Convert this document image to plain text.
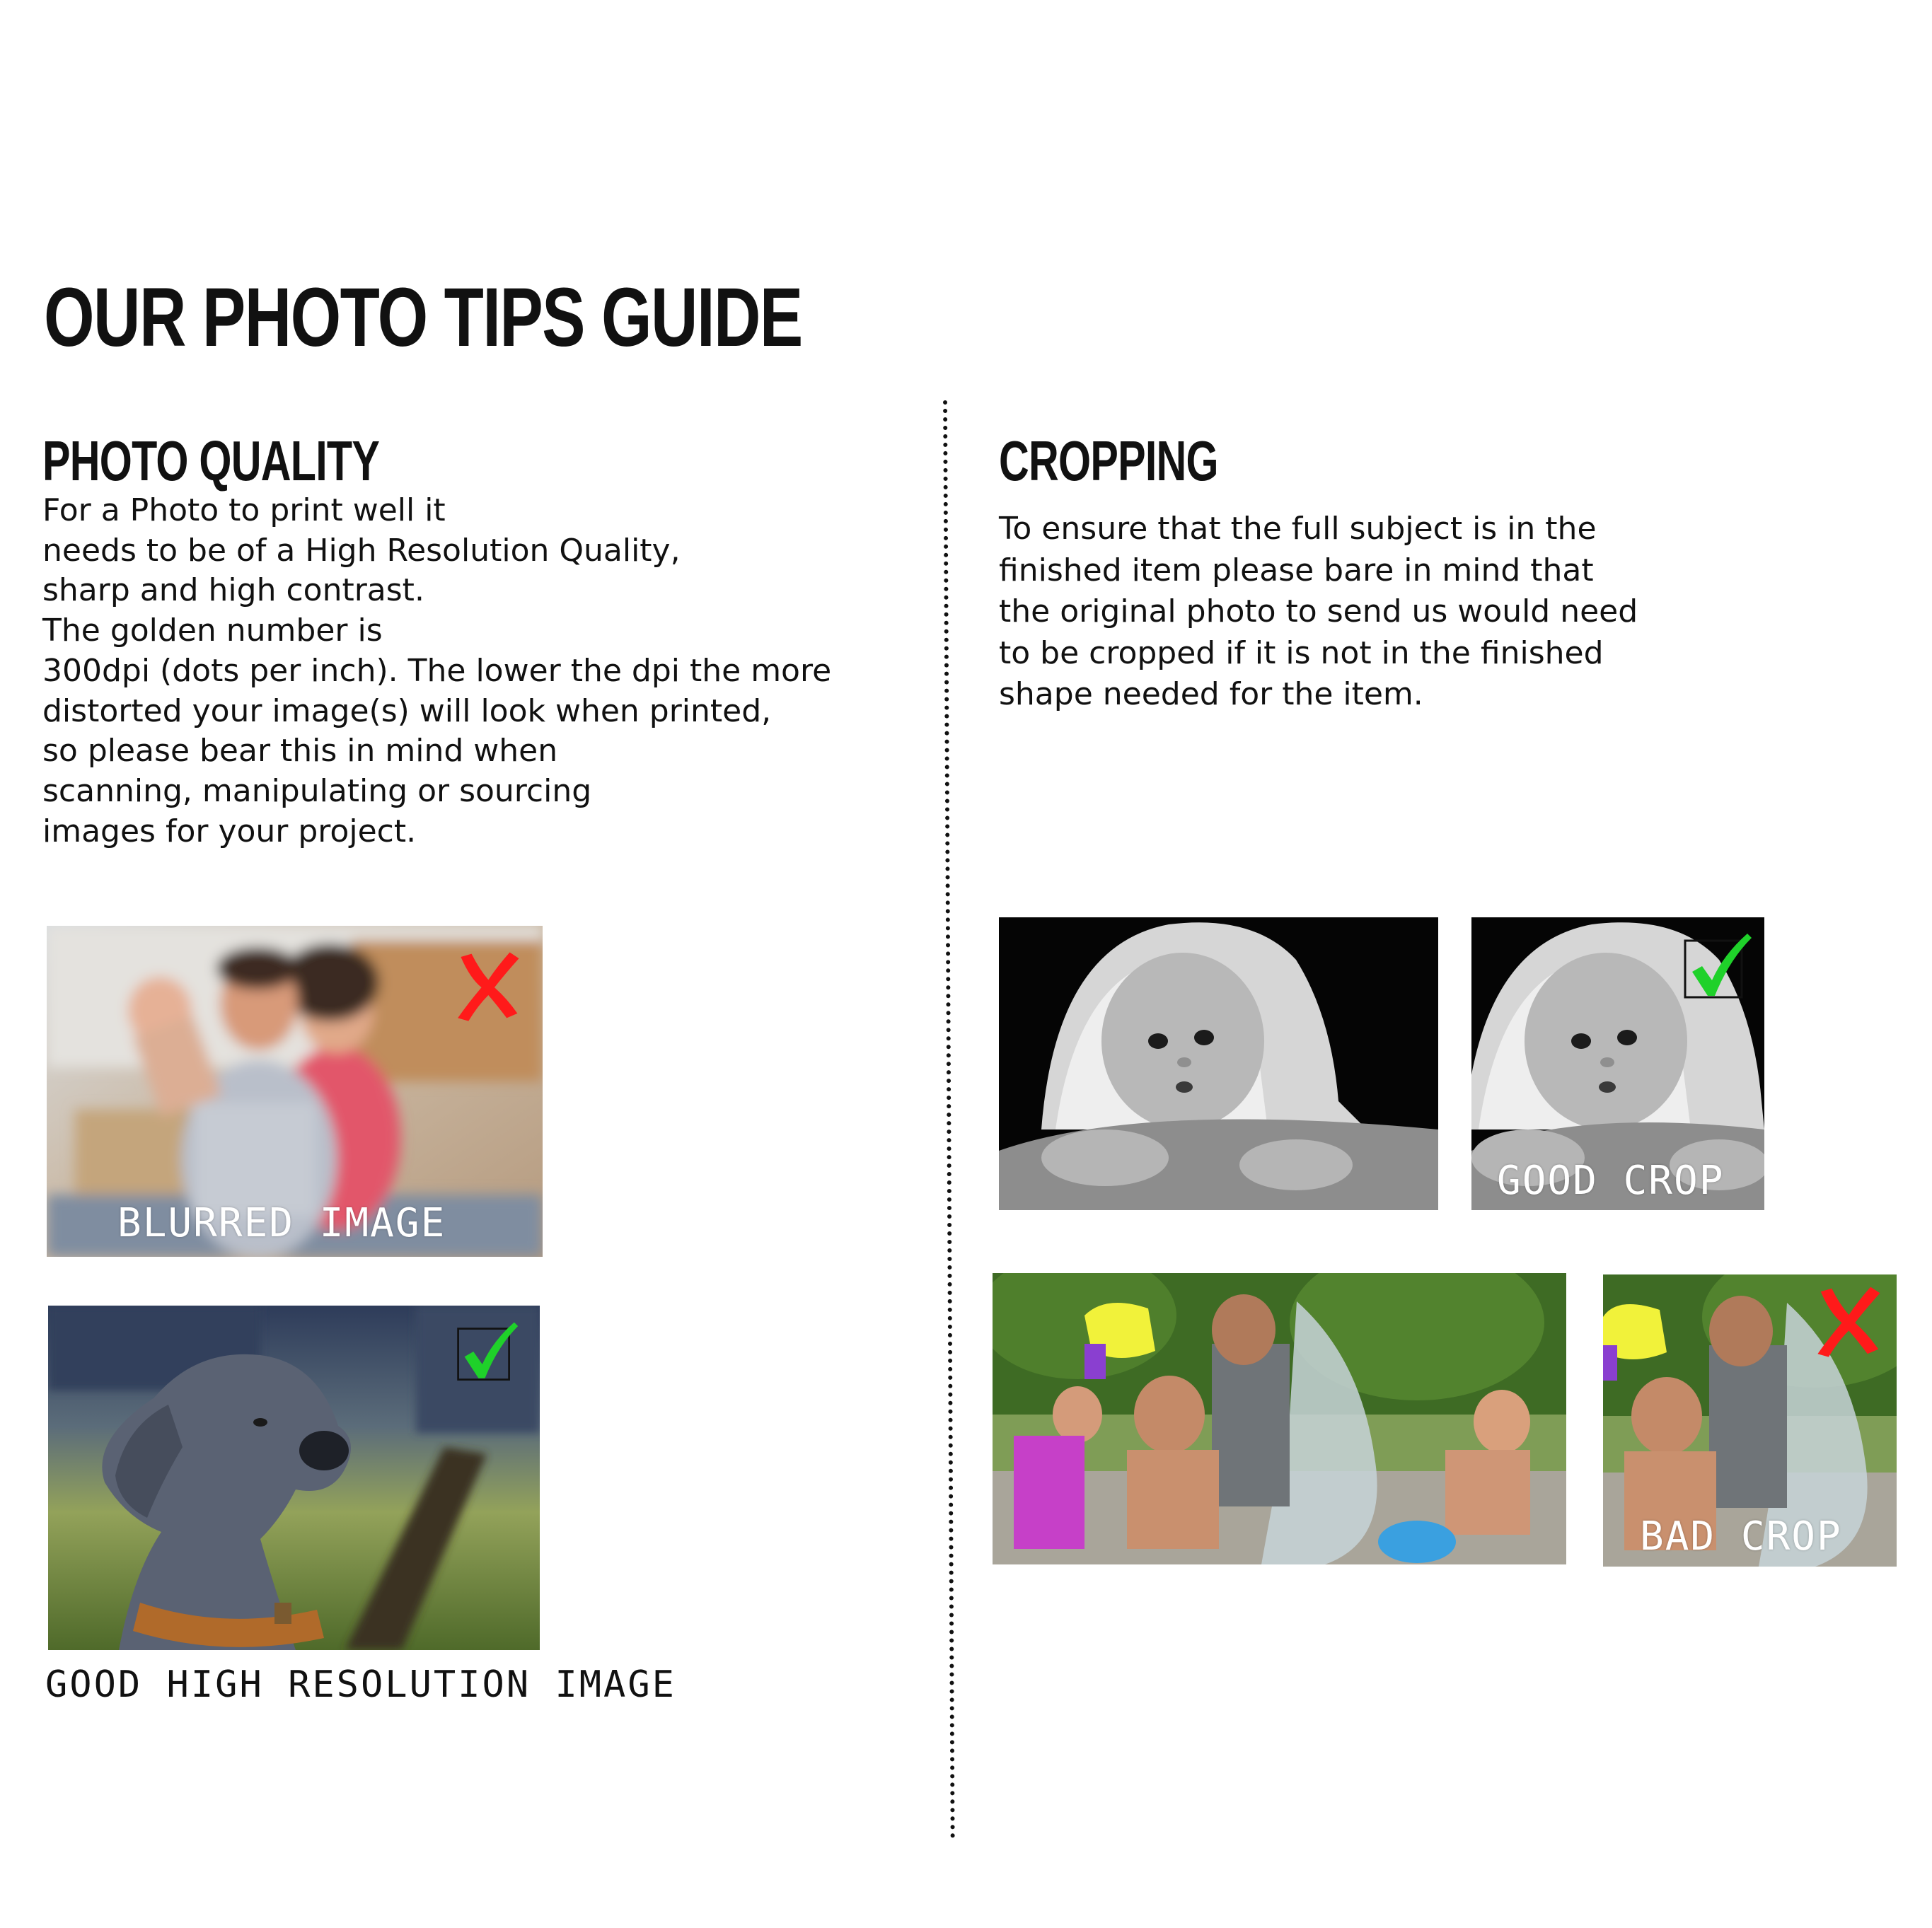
OUR PHOTO TIPS GUIDE
PHOTO QUALITY
For a Photo to print well it
needs to be of a High Resolution Quality,
sharp and high contrast.
The golden number is
300dpi (dots per inch). The lower the dpi the more
distorted your image(s) will look when printed,
so please bear this in mind when
scanning, manipulating or sourcing
images for your project.
BLURRED IMAGE
GOOD HIGH RESOLUTION IMAGE
CROPPING
To ensure that the full subject is in the
finished item please bare in mind that
the original photo to send us would need
to be cropped if it is not in the finished
shape needed for the item.
GOOD CROP
BAD CROP
